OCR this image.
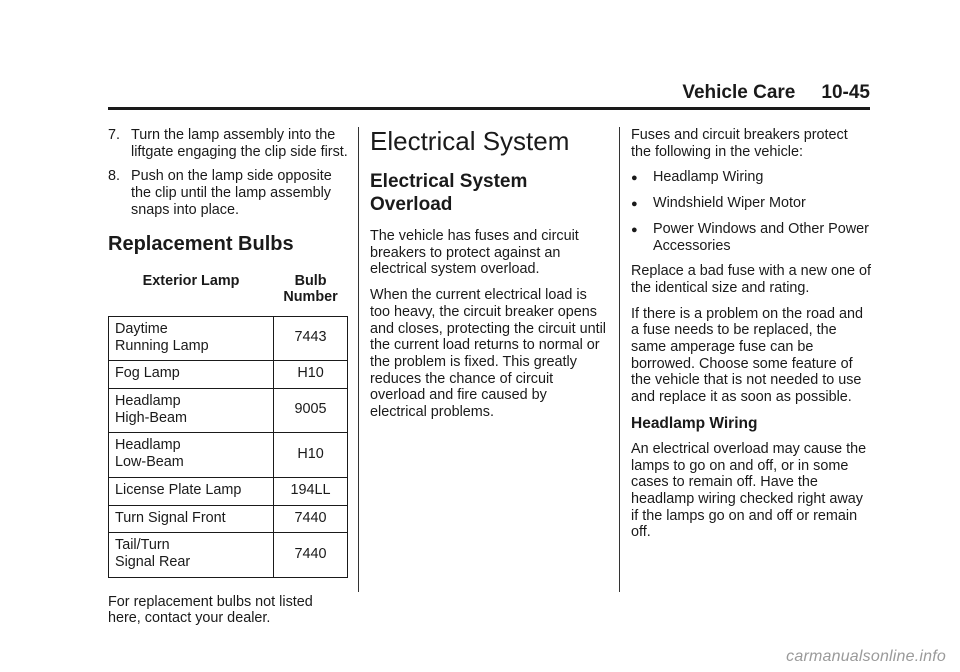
Vehicle Care 10-45
7. Turn the lamp assembly into the liftgate engaging the clip side first.
8. Push on the lamp side opposite the clip until the lamp assembly snaps into place.
Replacement Bulbs
Exterior Lamp	Bulb
Number
Daytime
Running Lamp	7443
Fog Lamp	H10
Headlamp
High-Beam	9005
Headlamp
Low-Beam	H10
License Plate Lamp	194LL
Turn Signal Front	7440
Tail/Turn
Signal Rear	7440

For replacement bulbs not listed here, contact your dealer.

Electrical System
Electrical System Overload

The vehicle has fuses and circuit breakers to protect against an electrical system overload.

When the current electrical load is too heavy, the circuit breaker opens and closes, protecting the circuit until the current load returns to normal or the problem is fixed. This greatly reduces the chance of circuit overload and fire caused by electrical problems.

Fuses and circuit breakers protect the following in the vehicle:

●	Headlamp Wiring
●	Windshield Wiper Motor
●	Power Windows and Other Power Accessories

Replace a bad fuse with a new one of the identical size and rating.

If there is a problem on the road and a fuse needs to be replaced, the same amperage fuse can be borrowed. Choose some feature of the vehicle that is not needed to use and replace it as soon as possible.

Headlamp Wiring

An electrical overload may cause the lamps to go on and off, or in some cases to remain off. Have the headlamp wiring checked right away if the lamps go on and off or remain off.

carmanualsonline.info
